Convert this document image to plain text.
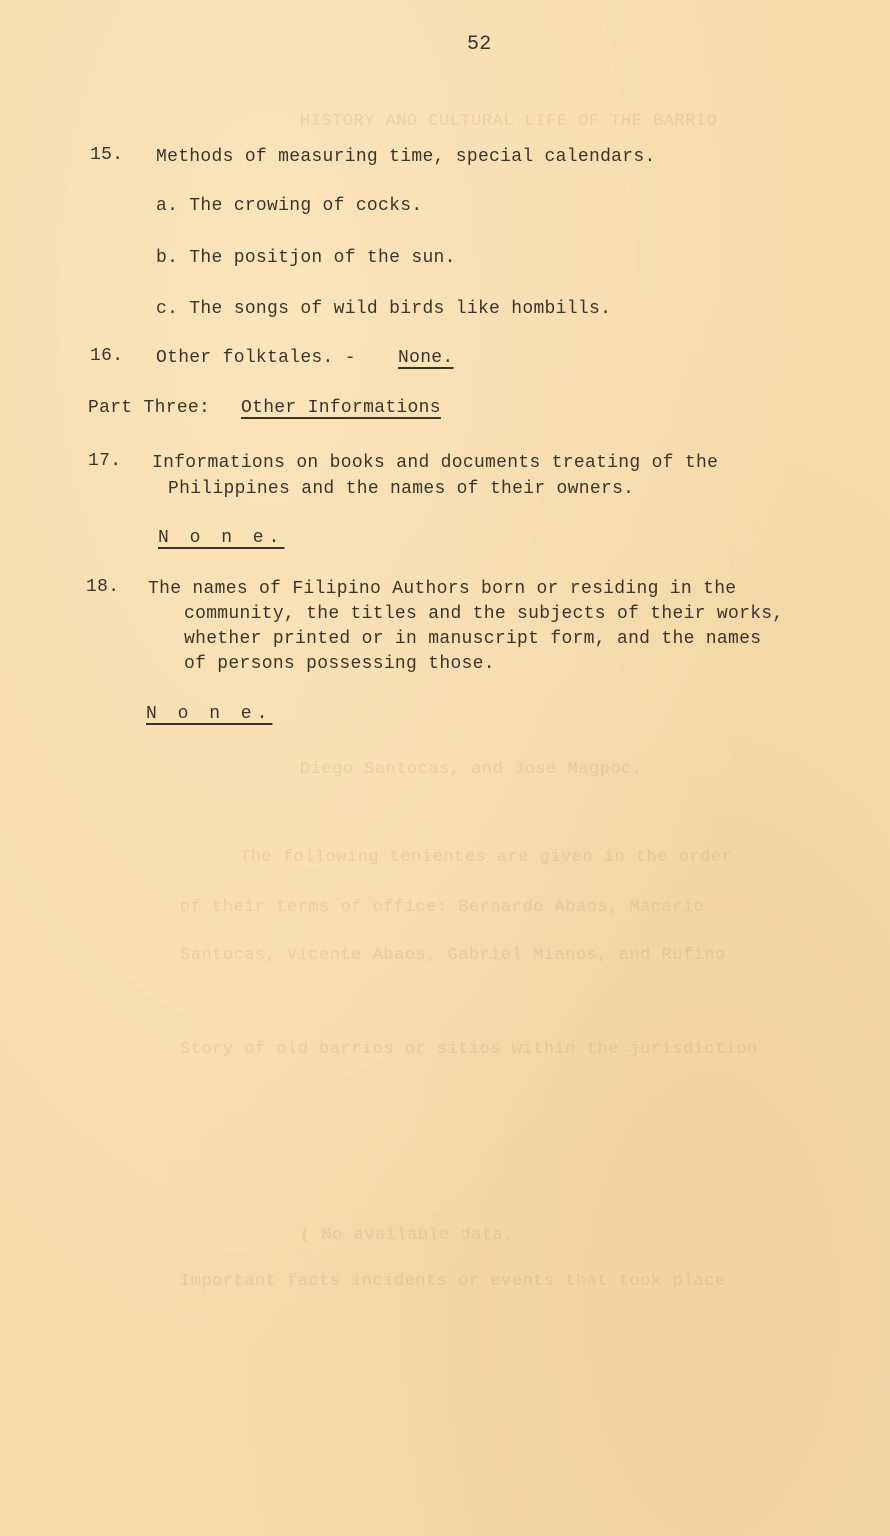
HISTORY AND CULTURAL LIFE OF THE BARRIO
Diego Santocas, and Jose Magpoc.
The following tenientes are given in the order
of their terms of office: Bernardo Abaos, Macario
Santocas, Vicente Abaos, Gabriel Mianos, and Rufino
Story of old barrios or sitios within the jurisdiction
( No available data.
Important facts incidents or events that took place
52
15. Methods of measuring time, special calendars.
a. The crowing of cocks.
b. The positjon of the sun.
c. The songs of wild birds like hombills.
16. Other folktales. - None.
Part Three: Other Informations
17. Informations on books and documents treating of the
Philippines and the names of their owners.
N o n e.
18. The names of Filipino Authors born or residing in the
community, the titles and the subjects of their works,
whether printed or in manuscript form, and the names
of persons possessing those.
N o n e.
